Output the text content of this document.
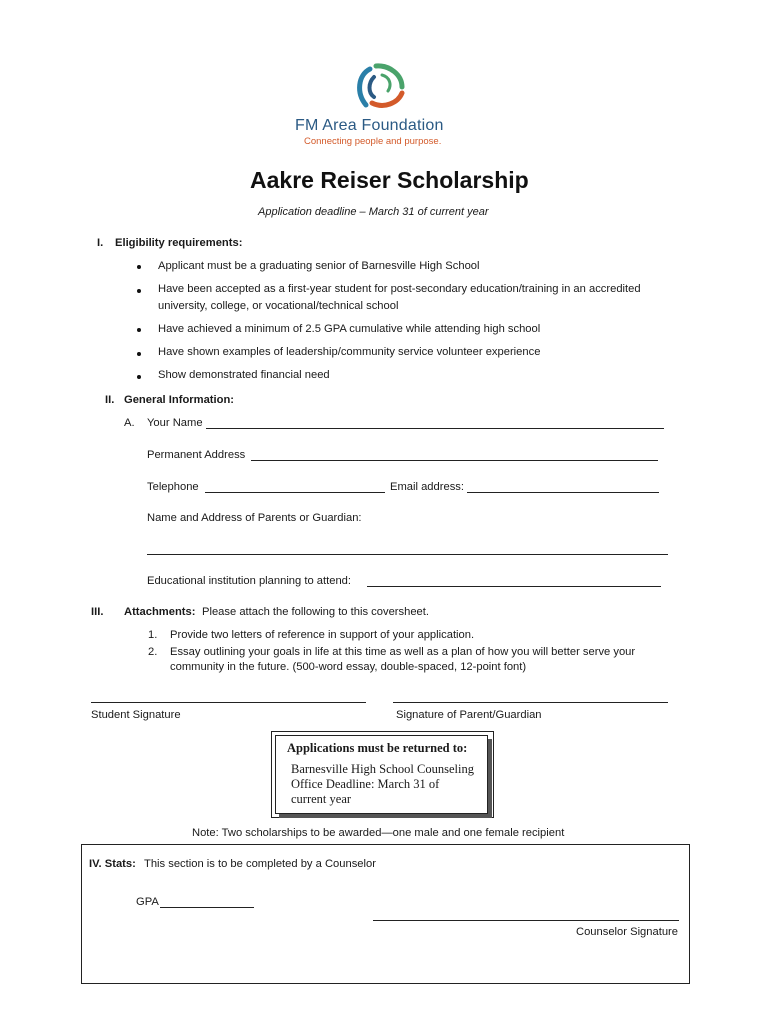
FM Area Foundation
Connecting people and purpose.
Aakre Reiser Scholarship
Application deadline – March 31 of current year
I. Eligibility requirements:
Applicant must be a graduating senior of Barnesville High School
Have been accepted as a first-year student for post-secondary education/training in an accredited
university, college, or vocational/technical school
Have achieved a minimum of 2.5 GPA cumulative while attending high school
Have shown examples of leadership/community service volunteer experience
Show demonstrated financial need
II. General Information:
A. Your Name
Permanent Address
Telephone	Email address:
Name and Address of Parents or Guardian:
Educational institution planning to attend:
III. Attachments: Please attach the following to this coversheet.
1. Provide two letters of reference in support of your application.
2. Essay outlining your goals in life at this time as well as a plan of how you will better serve your
community in the future. (500-word essay, double-spaced, 12-point font)
Student Signature	Signature of Parent/Guardian
Applications must be returned to:
Barnesville High School Counseling
Office Deadline: March 31 of
current year
Note: Two scholarships to be awarded—one male and one female recipient
IV. Stats: This section is to be completed by a Counselor
GPA
Counselor Signature
